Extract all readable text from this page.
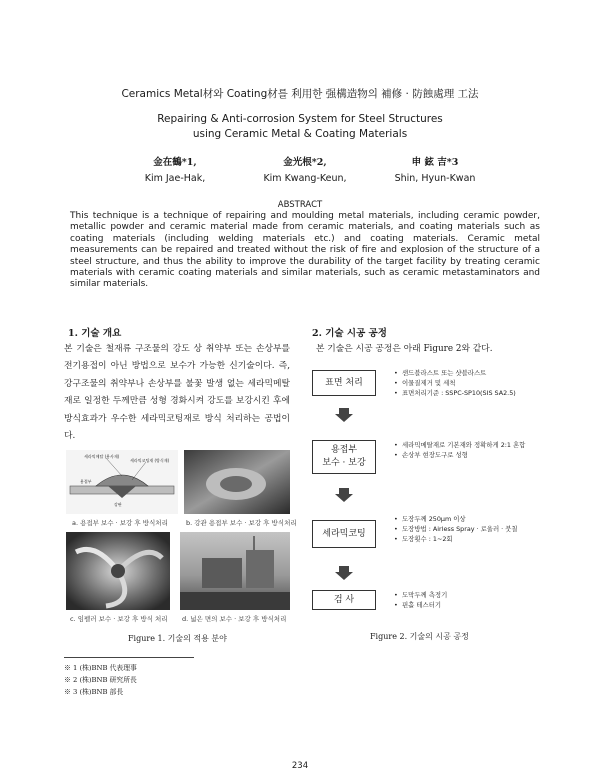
Ceramics Metal材와 Coating材를 利用한 强構造物의 補修 · 防蝕處理 工法
Repairing & Anti-corrosion System for Steel Structures
using Ceramic Metal & Coating Materials
金在鶴*1,
Kim Jae-Hak,
金光根*2,
Kim Kwang-Keun,
申 鉉 吉*3
Shin, Hyun-Kwan
ABSTRACT
This technique is a technique of repairing and moulding metal materials, including ceramic powder, metallic powder and ceramic material made from ceramic materials, and coating materials such as coating materials (including welding materials etc.) and coating materials. Ceramic metal measurements can be repaired and treated without the risk of fire and explosion of the structure of a steel structure, and thus the ability to improve the durability of the target facility by treating ceramic materials with ceramic coating materials and similar materials, such as ceramic metastaminators and similar materials.
1. 기술 개요
본 기술은 철재류 구조물의 강도 상 취약부 또는 손상부를 전기용접이 아닌 방법으로 보수가 가능한 신기술이다. 즉, 강구조물의 취약부나 손상부를 불꽃 발생 없는 세라믹메탈재로 일정한 두께만큼 성형 경화시켜 강도를 보강시킨 후에 방식효과가 우수한 세라믹코팅재로 방식 처리하는 공법이다.
세라믹메탈 (용사재)
세라믹코팅재 (방식재)
용접부
강판
a. 용접부 보수 · 보강 후 방식처리	b. 강관 용접부 보수 · 보강 후 방식처리
c. 임펠러 보수 · 보강 후 방식 처리 d. 넓은 면의 보수 · 보강 후 방식처리
Figure 1. 기술의 적용 분야
2. 기술 시공 공정
본 기술은 시공 공정은 아래 Figure 2와 같다.
표면 처리
• 샌드블라스트 또는 샷블라스트
• 이물질제거 및 세척
• 표면처리기준 : SSPC-SP10(SIS SA2.5)
용접부
보수 · 보강
• 세라믹메탈재로 기본재와 정확하게 2:1 혼합
• 손상부 현장도구로 성형
세라믹코팅
• 도장두께 250μm 이상
• 도장방법 : Airless Spray · 로울러 · 붓칠
• 도장횟수 : 1~2회
검 사
•	도막두께 측정기
• 핀홀 테스터기
Figure 2. 기술의 시공 공정
※ 1 (株)BNB 代表理事
※ 2 (株)BNB 研究所長
※ 3 (株)BNB 部長
234
